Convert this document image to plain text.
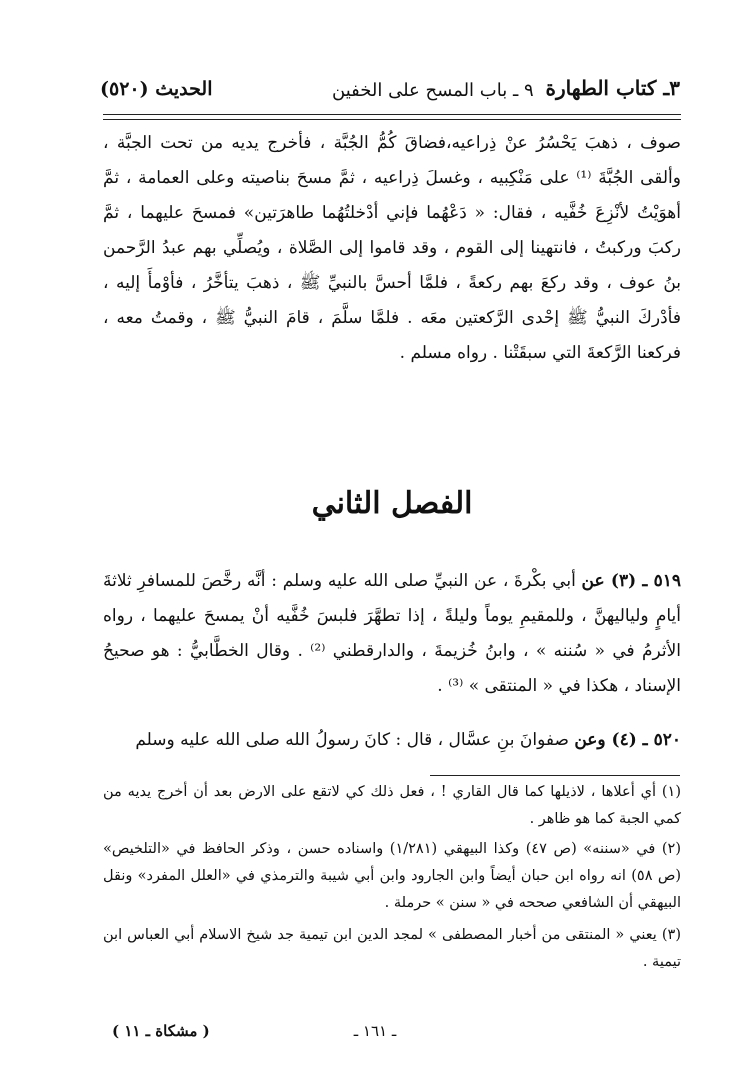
٣ـ كتاب الطهارة
٩ ـ باب المسح على الخفين
الحديث (٥٢٠)
صوف ، ذهبَ يَحْسُرُ عنْ ذِراعيه،فضاقَ كُمُّ الجُبَّة ، فأخرج يديه من تحت الجبَّة ، وألقى الجُبَّةَ ⁽¹⁾ على مَنْكِبيه ، وغسلَ ذِراعيه ، ثمَّ مسحَ بناصيته وعلى العمامة ، ثمَّ أهوَيْتُ لأنْزِعَ خُفَّيه ، فقال: « دَعْهُما فإني أدْخلتُهُما طاهرَتين» فمسحَ عليهما ، ثمَّ ركبَ وركبتُ ، فانتهينا إلى القوم ، وقد قاموا إلى الصَّلاة ، ويُصلِّي بهم عبدُ الرَّحمن بنُ عوف ، وقد ركعَ بهم ركعةً ، فلمَّا أحسَّ بالنبيِّ ﷺ ، ذهبَ يتأخَّرُ ، فأوْمأَ إليه ، فأدْركَ النبيُّ ﷺ إحْدى الرَّكعتين معَه . فلمَّا سلَّمَ ، قامَ النبيُّ ﷺ ، وقمتُ معه ، فركعنا الرَّكعةَ التي سبقَتْنا . رواه مسلم .
الفصل الثاني
٥١٩ ـ (٣) عن أبي بكْرةَ ، عن النبيِّ صلى الله عليه وسلم : أنَّه رخَّصَ للمسافرِ ثلاثةَ أيامٍ ولياليهنَّ ، وللمقيمِ يوماً وليلةً ، إذا تطهَّرَ فلبسَ خُفَّيه أنْ يمسحَ عليهما ، رواه الأثرمُ في « سُننه » ، وابنُ خُزيمةَ ، والدارقطني ⁽²⁾ . وقال الخطَّابيُّ : هو صحيحُ الإسناد ، هكذا في « المنتقى » ⁽³⁾ .
٥٢٠ ـ (٤) وعن صفوانَ بنِ عسَّال ، قال : كانَ رسولُ الله صلى الله عليه وسلم
(١) أي أعلاها ، لاذيلها كما قال القاري ! ، فعل ذلك كي لاتقع على الارض بعد أن أخرج يديه من كمي الجبة كما هو ظاهر .
(٢) في «سننه» (ص ٤٧) وكذا البيهقي (١/٢٨١) واسناده حسن ، وذكر الحافظ في «التلخيص» (ص ٥٨) انه رواه ابن حبان أيضاً وابن الجارود وابن أبي شيبة والترمذي في «العلل المفرد» ونقل البيهقي أن الشافعي صححه في « سنن » حرملة .
(٣) يعني « المنتقى من أخبار المصطفى » لمجد الدين ابن تيمية جد شيخ الاسلام أبي العباس ابن تيمية .
ـ ١٦١ ـ
( مشكاة ـ ١١ )
